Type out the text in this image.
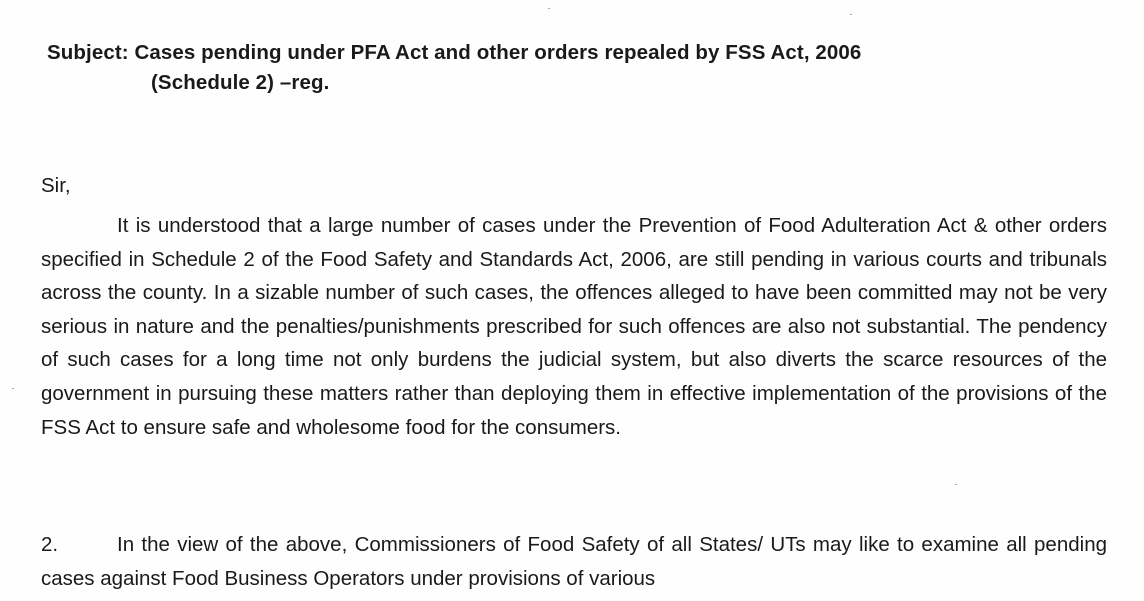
Subject: Cases pending under PFA Act and other orders repealed by FSS Act, 2006
(Schedule 2) –reg.
Sir,
It is understood that a large number of cases under the Prevention of Food Adulteration Act & other orders specified in Schedule 2 of the Food Safety and Standards Act, 2006, are still pending in various courts and tribunals across the county. In a sizable number of such cases, the offences alleged to have been committed may not be very serious in nature and the penalties/punishments prescribed for such offences are also not substantial. The pendency of such cases for a long time not only burdens the judicial system, but also diverts the scarce resources of the government in pursuing these matters rather than deploying them in effective implementation of the provisions of the FSS Act to ensure safe and wholesome food for the consumers.
2.	In the view of the above, Commissioners of Food Safety of all States/ UTs may like to examine all pending cases against Food Business Operators under provisions of various
